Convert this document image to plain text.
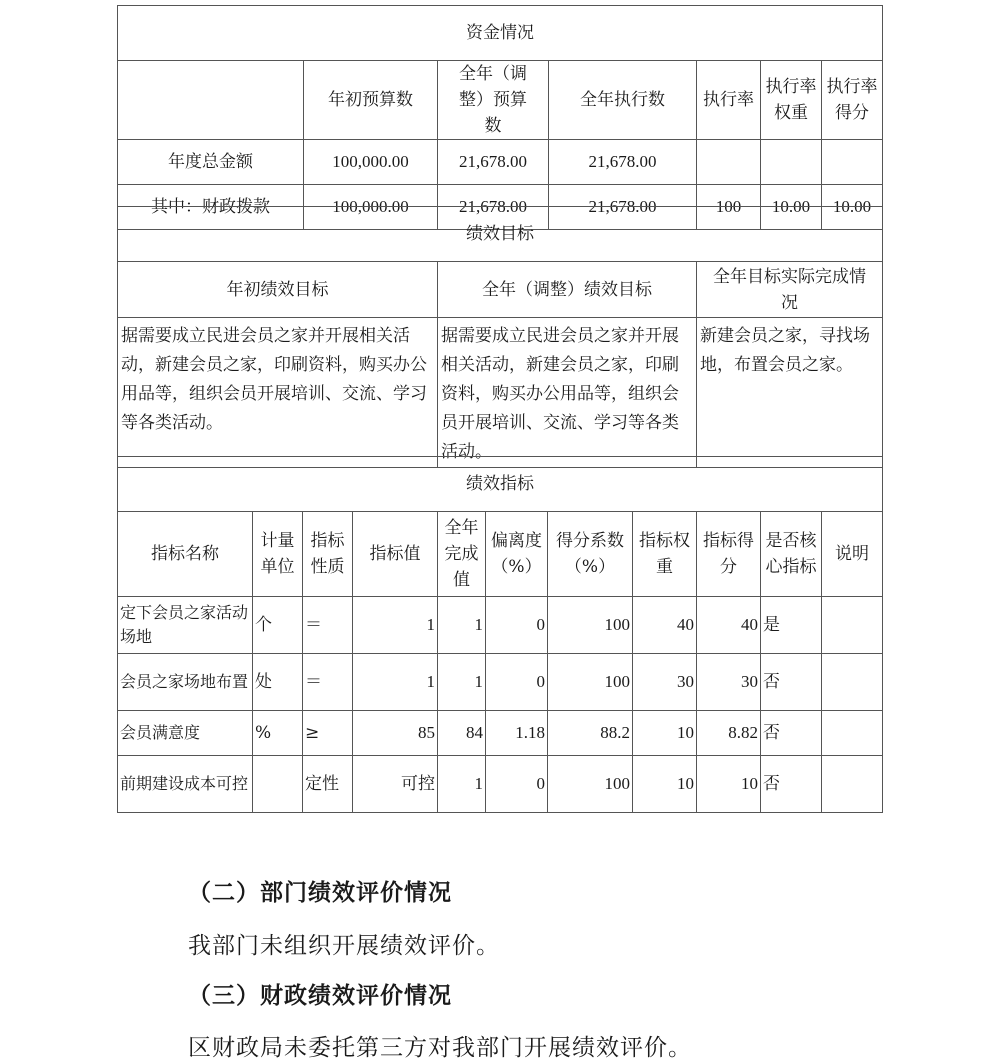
资金情况						
	年初预算数	全年（调整）预算数	全年执行数	执行率	执行率权重	执行率得分
年度总金额	100,000.00	21,678.00	21,678.00			
其中：财政拨款	100,000.00	21,678.00	21,678.00	100	10.00	10.00
绩效目标		
年初绩效目标	全年（调整）绩效目标	全年目标实际完成情况
据需要成立民进会员之家并开展相关活动，新建会员之家，印刷资料，购买办公用品等，组织会员开展培训、交流、学习等各类活动。	据需要成立民进会员之家并开展相关活动，新建会员之家，印刷资料，购买办公用品等，组织会员开展培训、交流、学习等各类活动。	新建会员之家，寻找场地，布置会员之家。
绩效指标										
指标名称	计量单位	指标性质	指标值	全年完成值	偏离度（%）	得分系数（%）	指标权重	指标得分	是否核心指标	说明
定下会员之家活动场地	个	＝	1	1	0	100	40	40	是	
会员之家场地布置	处	＝	1	1	0	100	30	30	否	
会员满意度	%	≥	85	84	1.18	88.2	10	8.82	否	
前期建设成本可控		定性	可控	1	0	100	10	10	否	
（二）部门绩效评价情况
我部门未组织开展绩效评价。
（三）财政绩效评价情况
区财政局未委托第三方对我部门开展绩效评价。
